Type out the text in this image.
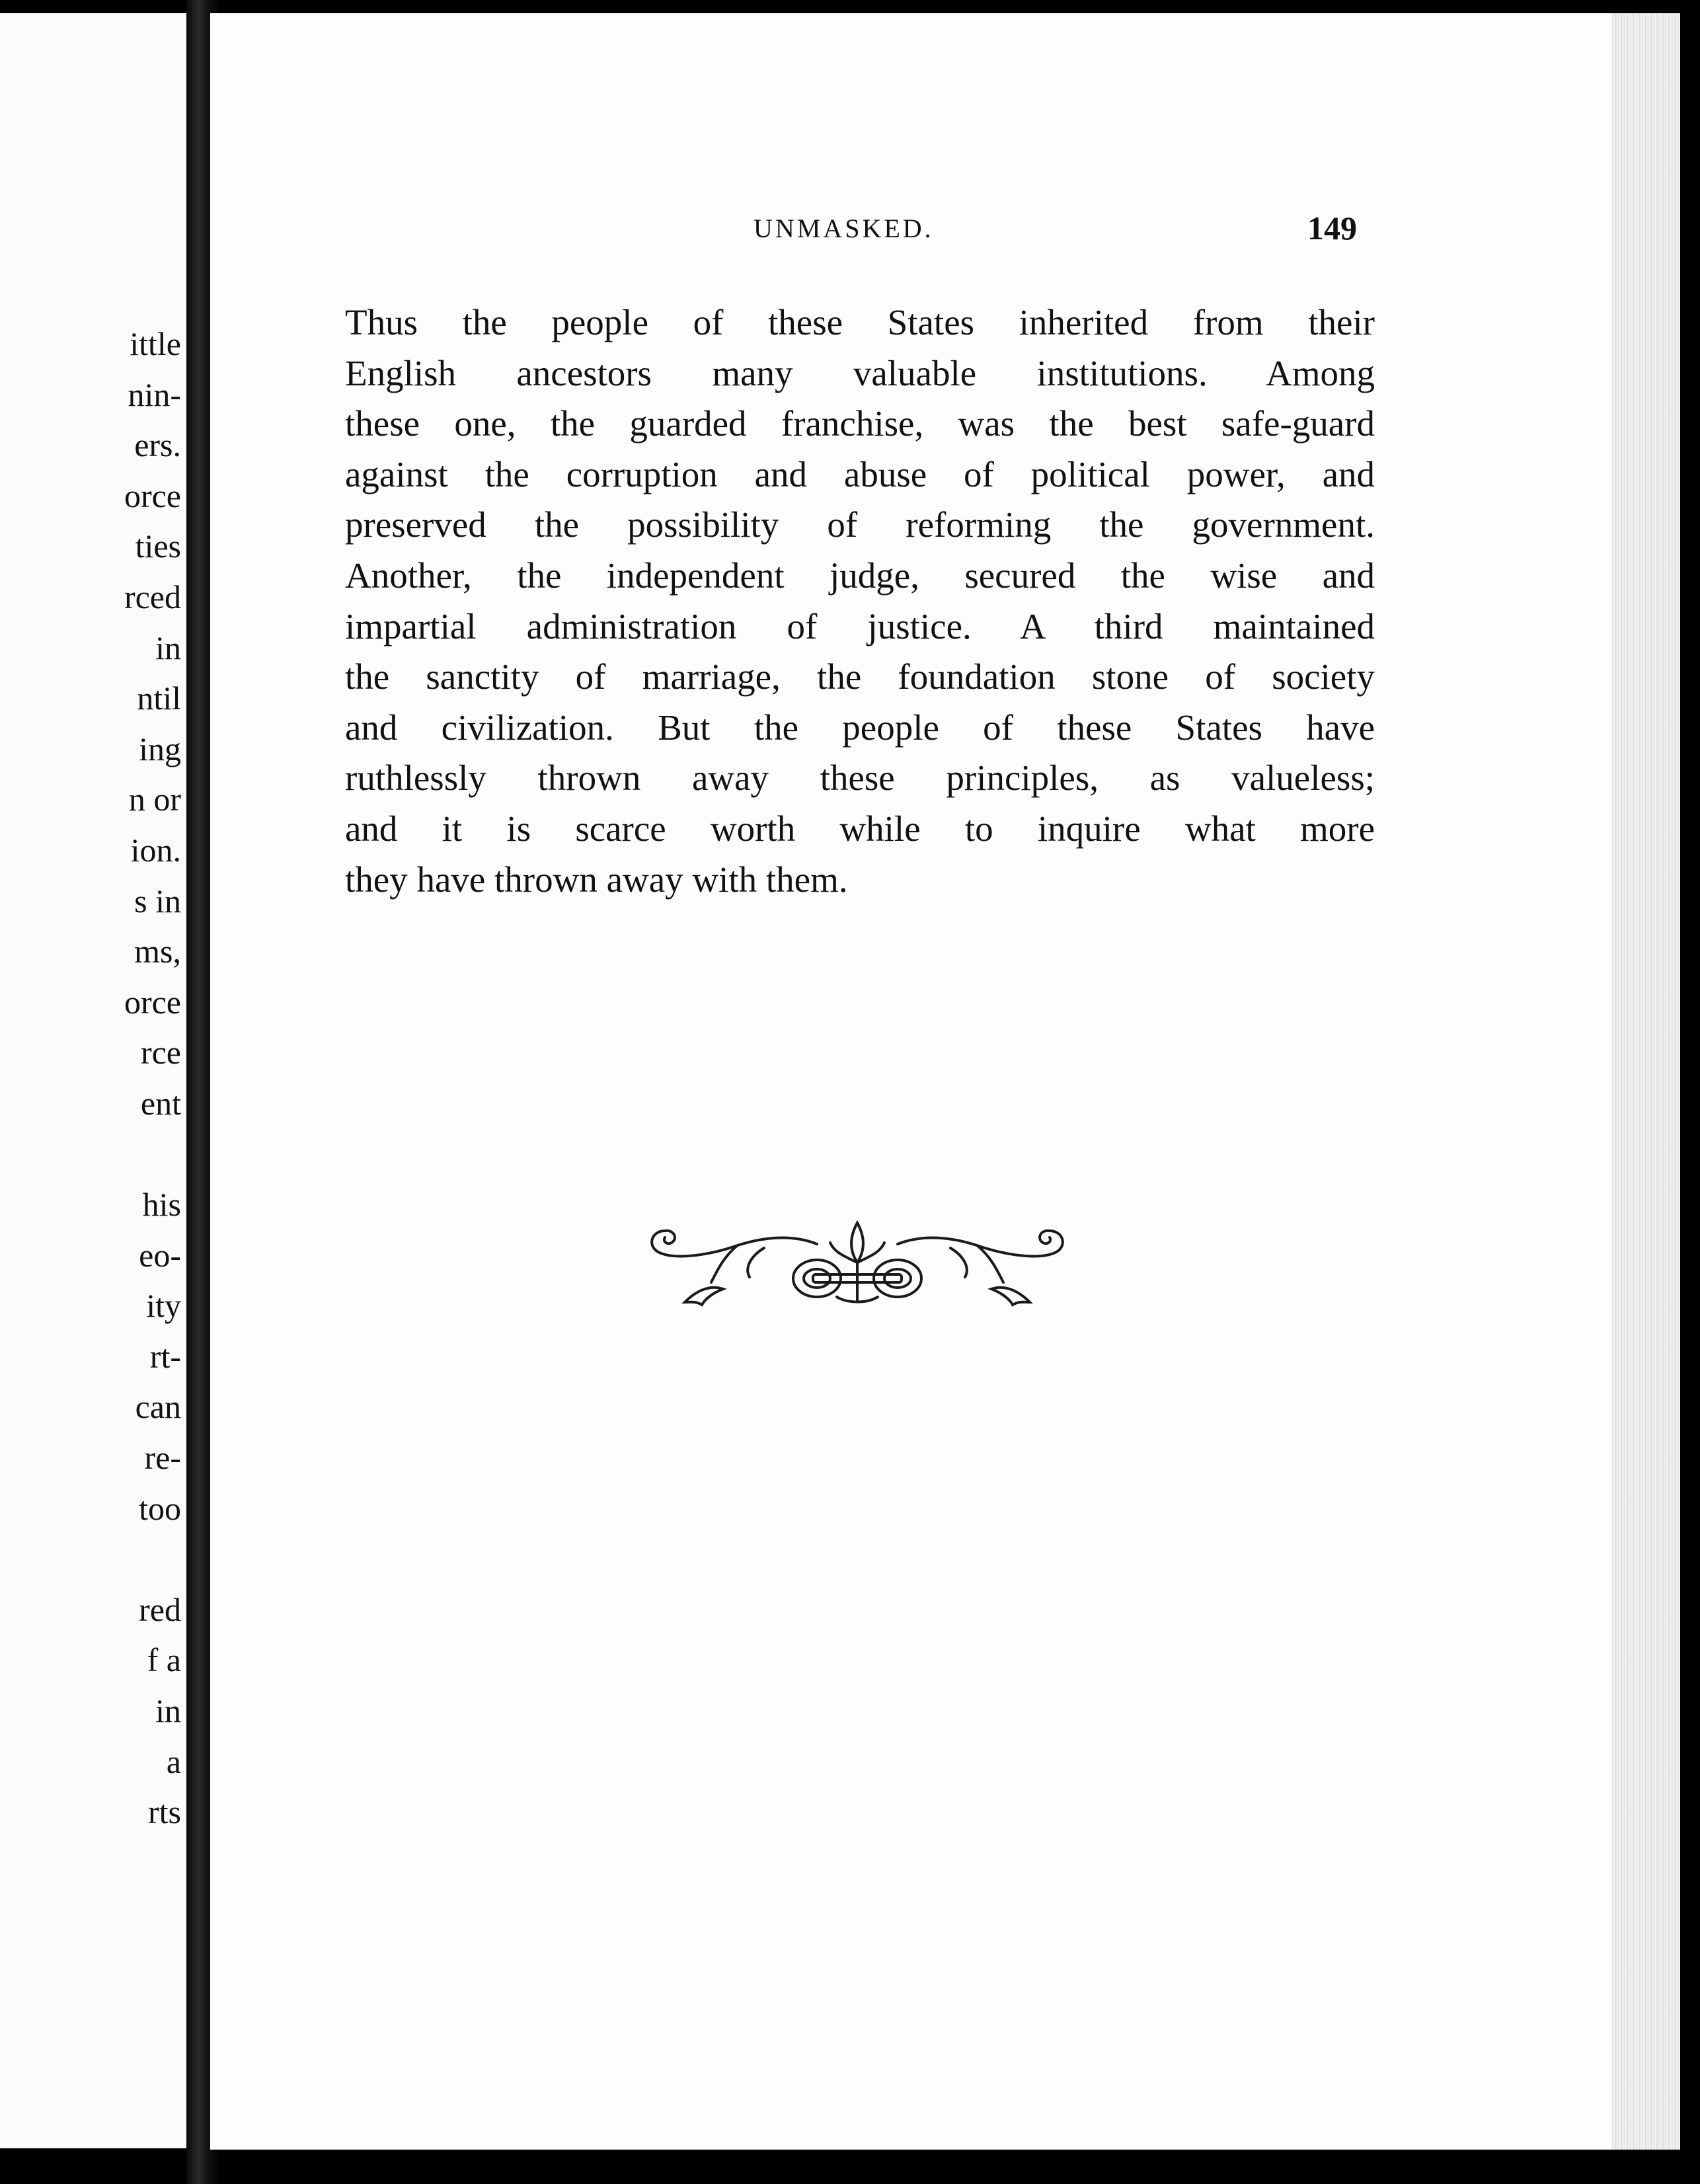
ittle
nin-
ers.
orce
ties
rced
in
ntil
ing
n or
ion.
s in
ms,
orce
rce
ent
his
eo-
ity
rt-
can
re-
too
red
f a
in
a
rts
UNMASKED.	149
Thus the people of these States inherited from their
English ancestors many valuable institutions. Among
these one, the guarded franchise, was the best safe-guard
against the corruption and abuse of political power, and
preserved the possibility of reforming the government.
Another, the independent judge, secured the wise and
impartial administration of justice. A third maintained
the sanctity of marriage, the foundation stone of society
and civilization. But the people of these States have
ruthlessly thrown away these principles, as valueless;
and it is scarce worth while to inquire what more
they have thrown away with them.
